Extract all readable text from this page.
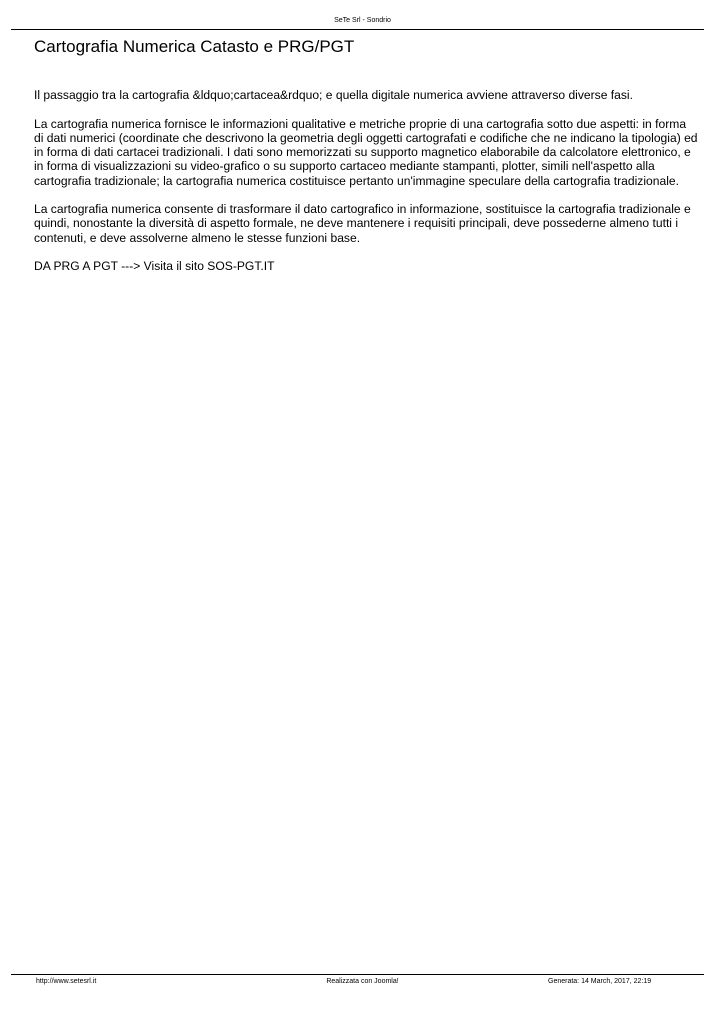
SeTe Srl - Sondrio
Cartografia Numerica Catasto e PRG/PGT

Il passaggio tra la cartografia &ldquo;cartacea&rdquo; e quella digitale numerica avviene attraverso diverse fasi.

La cartografia numerica fornisce le informazioni qualitative e metriche proprie di una cartografia sotto due aspetti: in forma di dati numerici (coordinate che descrivono la geometria degli oggetti cartografati e codifiche che ne indicano la tipologia) ed in forma di dati cartacei tradizionali. I dati sono memorizzati su supporto magnetico elaborabile da calcolatore elettronico, e in forma di visualizzazioni su video-grafico o su supporto cartaceo mediante stampanti, plotter, simili nell'aspetto alla cartografia tradizionale; la cartografia numerica costituisce pertanto un'immagine speculare della cartografia tradizionale.

La cartografia numerica consente di trasformare il dato cartografico in informazione, sostituisce la cartografia tradizionale e quindi, nonostante la diversità di aspetto formale, ne deve mantenere i requisiti principali, deve possederne almeno tutti i contenuti, e deve assolverne almeno le stesse funzioni base.

DA PRG A PGT ---> Visita il sito SOS-PGT.IT

Realizzata con Joomla!
http://www.setesrl.it	Generata: 14 March, 2017, 22:19
